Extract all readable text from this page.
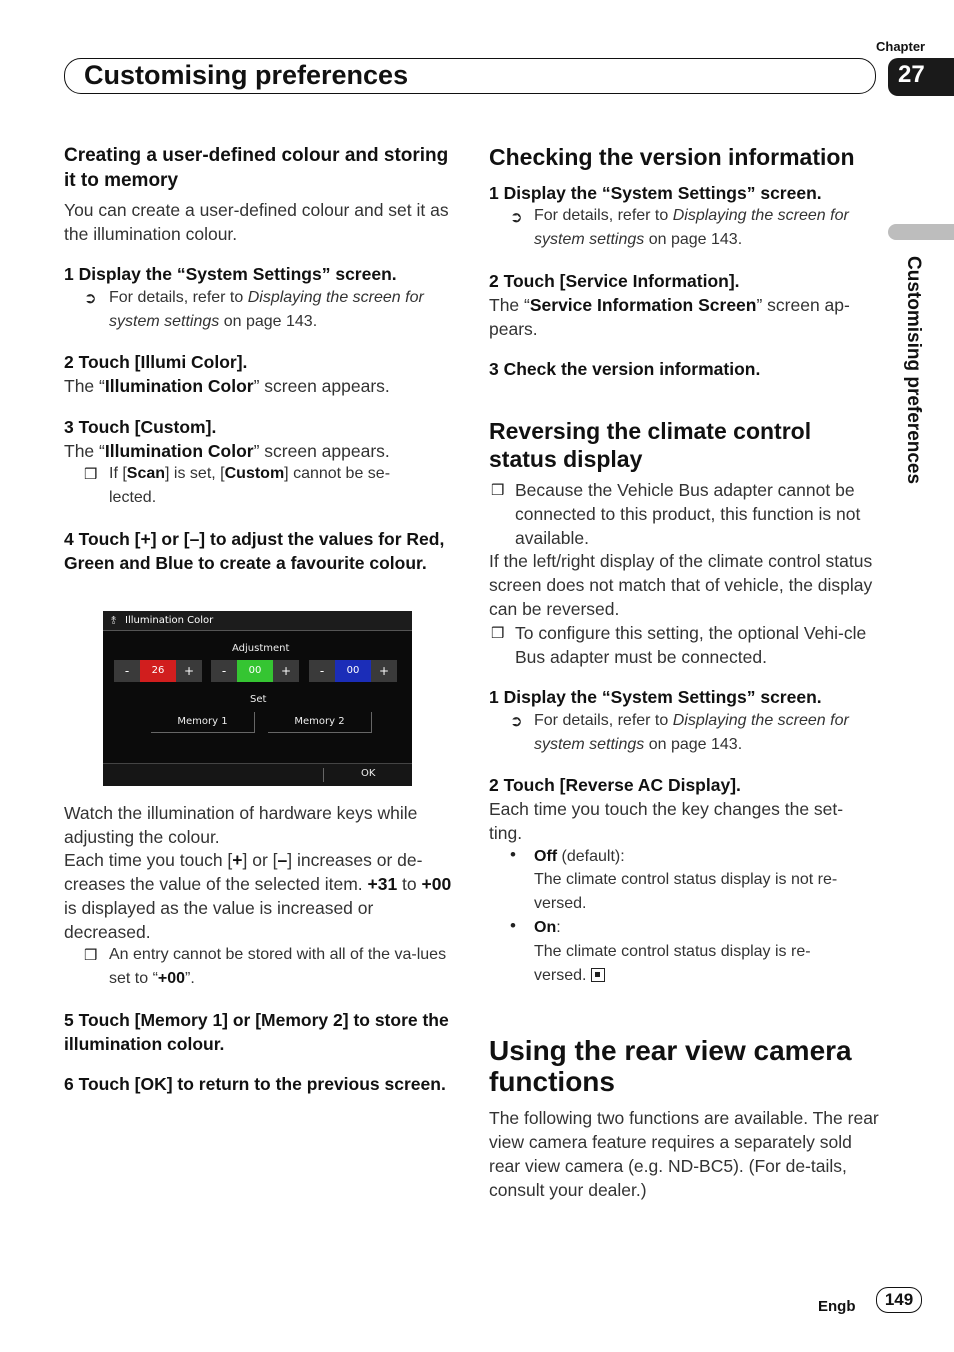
Customising preferences
Chapter
27
Customising preferences
Creating a user-defined colour and storing it to memory
You can create a user-defined colour and set it as the illumination colour.
1 Display the “System Settings” screen.
➲ For details, refer to Displaying the screen for system settings on page 143.
2 Touch [Illumi Color].
The “Illumination Color” screen appears.
3 Touch [Custom].
The “Illumination Color” screen appears.
❒ If [Scan] is set, [Custom] cannot be se-lected.
4 Touch [+] or [–] to adjust the values for Red, Green and Blue to create a favourite colour.
Illumination Color
⥉
Adjustment
-	26	+	-	00	+	-	00	+
Set
Memory 1	Memory 2
OK
Watch the illumination of hardware keys while adjusting the colour.
Each time you touch [+] or [–] increases or de-creases the value of the selected item. +31 to +00 is displayed as the value is increased or decreased.
❒ An entry cannot be stored with all of the va-lues set to “+00”.
5 Touch [Memory 1] or [Memory 2] to store the illumination colour.
6 Touch [OK] to return to the previous screen.
Checking the version information
1 Display the “System Settings” screen.
➲ For details, refer to Displaying the screen for system settings on page 143.
2 Touch [Service Information].
The “Service Information Screen” screen ap-pears.
3 Check the version information.
Reversing the climate control status display
❒ Because the Vehicle Bus adapter cannot be connected to this product, this function is not available.
If the left/right display of the climate control status screen does not match that of vehicle, the display can be reversed.
❒ To configure this setting, the optional Vehi-cle Bus adapter must be connected.
1 Display the “System Settings” screen.
➲ For details, refer to Displaying the screen for system settings on page 143.
2 Touch [Reverse AC Display].
Each time you touch the key changes the set-ting.
• Off (default):
The climate control status display is not re-versed.
• On:
The climate control status display is re-versed.
Using the rear view camera functions
The following two functions are available. The rear view camera feature requires a separately sold rear view camera (e.g. ND-BC5). (For de-tails, consult your dealer.)
Engb	149
